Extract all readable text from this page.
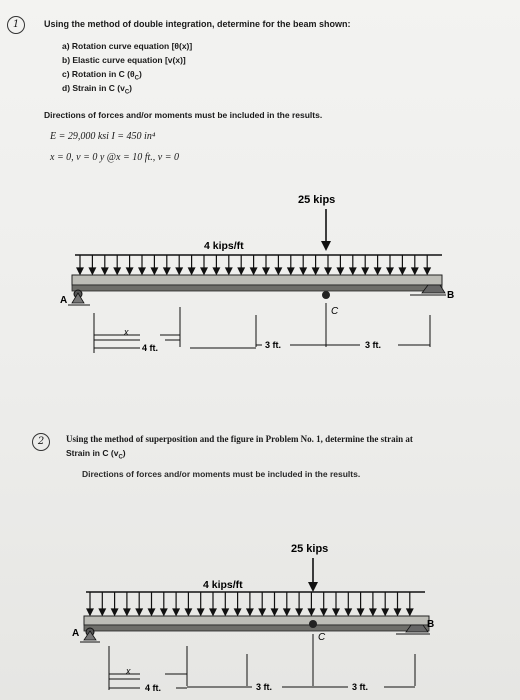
1	Using the method of double integration, determine for the beam shown:
a) Rotation curve equation [θ(x)]
b) Elastic curve equation [v(x)]
c) Rotation in C $(\theta_C)$
d) Strain in C $(v_C)$
Directions of forces and/or moments must be included in the results.
E = 29,000 ksi I = 450 in⁴
x = 0, v = 0 y @x = 10 ft., v = 0
25 kips
4 kips/ft
A	B
C
x
4 ft.	3 ft.	3 ft.
2	Using the method of superposition and the figure in Problem No. 1, determine the strain at
Strain in C $(v_C)$
Directions of forces and/or moments must be included in the results.
25 kips
4 kips/ft
A
B
C
x
4 ft.	3 ft.	3 ft.
